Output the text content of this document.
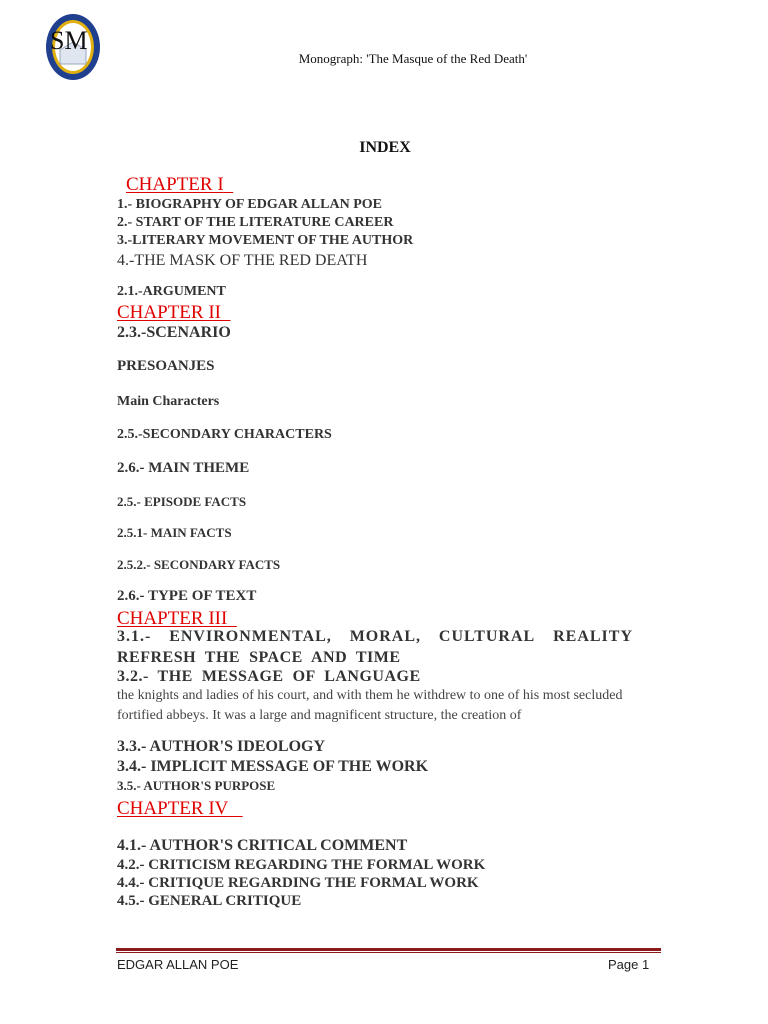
SM
Monograph: 'The Masque of the Red Death'
INDEX
CHAPTER I
1.- BIOGRAPHY OF EDGAR ALLAN POE
2.- START OF THE LITERATURE CAREER
3.-LITERARY MOVEMENT OF THE AUTHOR
4.-THE MASK OF THE RED DEATH
2.1.-ARGUMENT
CHAPTER II
2.3.-SCENARIO
PRESOANJES
Main Characters
2.5.-SECONDARY CHARACTERS
2.6.- MAIN THEME
2.5.- EPISODE FACTS
2.5.1- MAIN FACTS
2.5.2.- SECONDARY FACTS
2.6.- TYPE OF TEXT
CHAPTER III
3.1.- ENVIRONMENTAL, MORAL, CULTURAL REALITY
REFRESH  THE  SPACE  AND  TIME
3.2.-  THE  MESSAGE  OF  LANGUAGE
the knights and ladies of his court, and with them he withdrew to one of his most secluded
fortified abbeys. It was a large and magnificent structure, the creation of
3.3.- AUTHOR'S IDEOLOGY
3.4.- IMPLICIT MESSAGE OF THE WORK
3.5.- AUTHOR'S PURPOSE
CHAPTER IV
4.1.- AUTHOR'S CRITICAL COMMENT
4.2.- CRITICISM REGARDING THE FORMAL WORK
4.4.- CRITIQUE REGARDING THE FORMAL WORK
4.5.- GENERAL CRITIQUE
EDGAR ALLAN POE	Page 1
